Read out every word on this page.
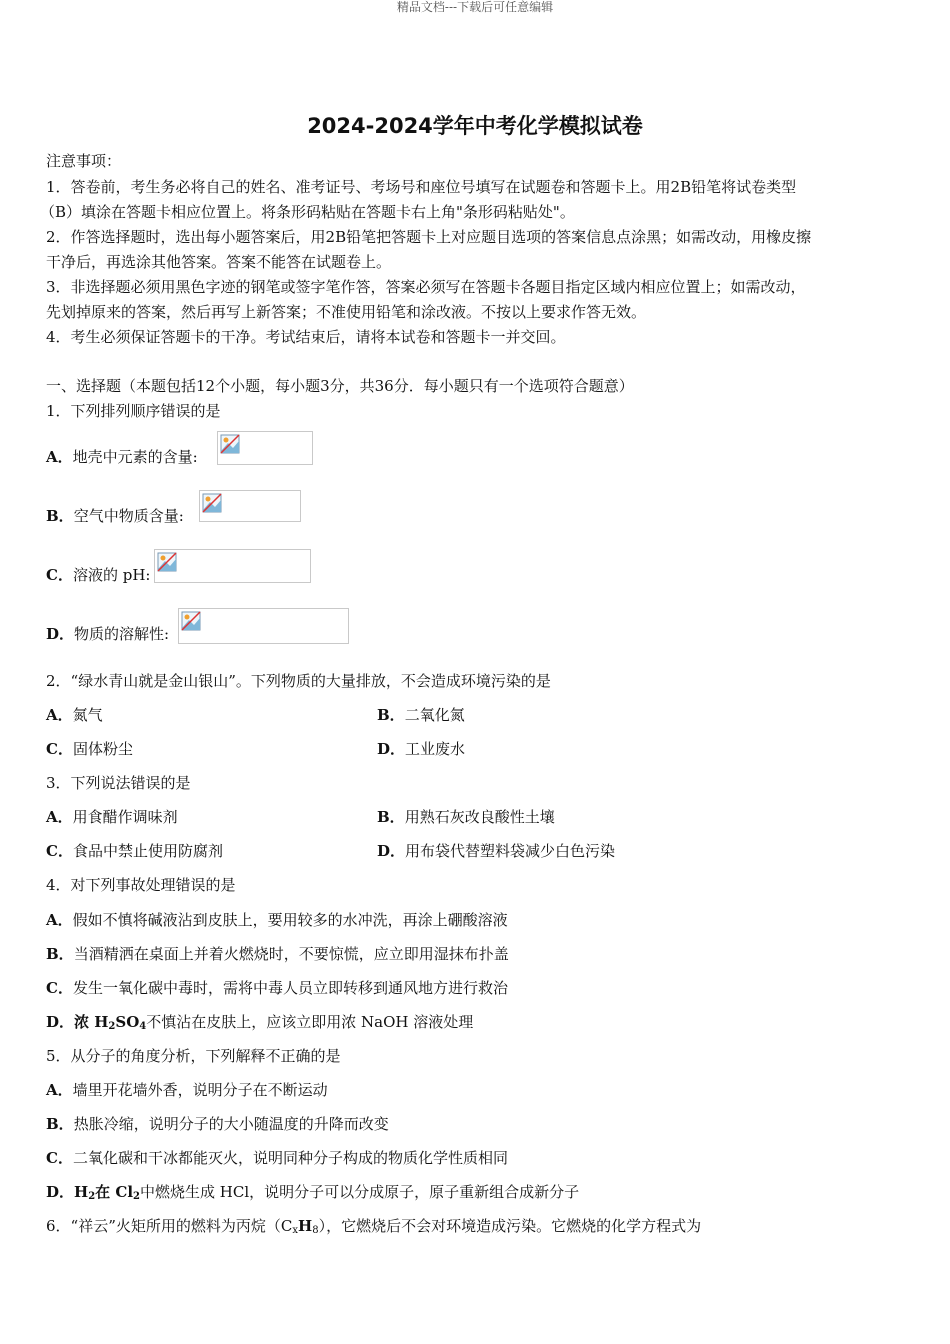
精品文档---下载后可任意编辑
2024-2024学年中考化学模拟试卷
注意事项：
1．答卷前，考生务必将自己的姓名、准考证号、考场号和座位号填写在试题卷和答题卡上。用2B铅笔将试卷类型
（B）填涂在答题卡相应位置上。将条形码粘贴在答题卡右上角"条形码粘贴处"。
2．作答选择题时，选出每小题答案后，用2B铅笔把答题卡上对应题目选项的答案信息点涂黑；如需改动，用橡皮擦
干净后，再选涂其他答案。答案不能答在试题卷上。
3．非选择题必须用黑色字迹的钢笔或签字笔作答，答案必须写在答题卡各题目指定区域内相应位置上；如需改动，
先划掉原来的答案，然后再写上新答案；不准使用铅笔和涂改液。不按以上要求作答无效。
4．考生必须保证答题卡的干净。考试结束后，请将本试卷和答题卡一并交回。
一、选择题（本题包括12个小题，每小题3分，共36分．每小题只有一个选项符合题意）
1．下列排列顺序错误的是
A．地壳中元素的含量:
B．空气中物质含量:
C．溶液的 pH:
D．物质的溶解性:
2．“绿水青山就是金山银山”。下列物质的大量排放，不会造成环境污染的是
A．氮气	B．二氧化氮
C．固体粉尘	D．工业废水
3．下列说法错误的是
A．用食醋作调味剂	B．用熟石灰改良酸性土壤
C．食品中禁止使用防腐剂	D．用布袋代替塑料袋减少白色污染
4．对下列事故处理错误的是
A．假如不慎将碱液沾到皮肤上，要用较多的水冲洗，再涂上硼酸溶液
B．当酒精洒在桌面上并着火燃烧时，不要惊慌，应立即用湿抹布扑盖
C．发生一氧化碳中毒时，需将中毒人员立即转移到通风地方进行救治
D．浓 $H_2SO_4$不慎沾在皮肤上，应该立即用浓 NaOH 溶液处理
5．从分子的角度分析，下列解释不正确的是
A．墙里开花墙外香，说明分子在不断运动
B．热胀冷缩，说明分子的大小随温度的升降而改变
C．二氧化碳和干冰都能灭火，说明同种分子构成的物质化学性质相同
D．$H_2$在 $Cl_2$中燃烧生成 HCl，说明分子可以分成原子，原子重新组合成新分子
6．“祥云”火矩所用的燃料为丙烷$(C_xH_8)$，它燃烧后不会对环境造成污染。它燃烧的化学方程式为
